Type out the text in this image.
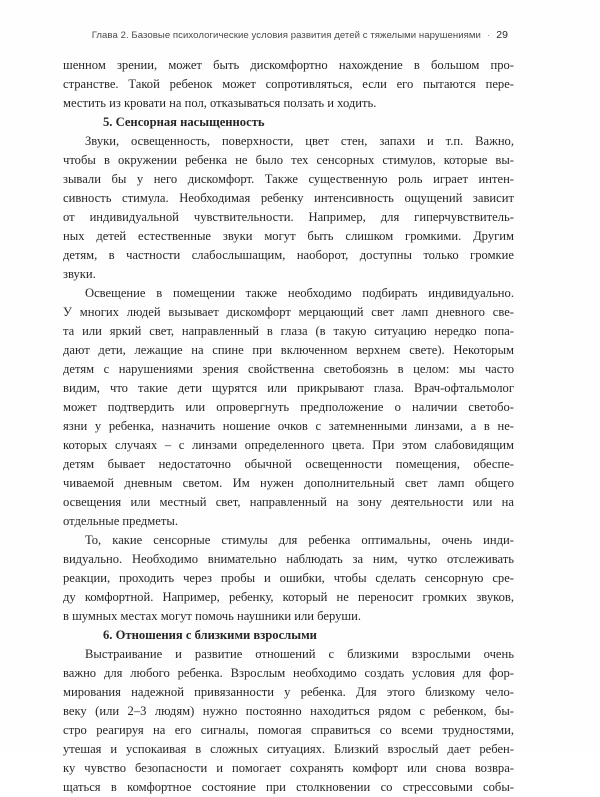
Глава 2. Базовые психологические условия развития детей с тяжелыми нарушениями · 29
шенном зрении, может быть дискомфортно нахождение в большом про-
странстве. Такой ребенок может сопротивляться, если его пытаются пере-
местить из кровати на пол, отказываться ползать и ходить.
5. Сенсорная насыщенность
Звуки, освещенность, поверхности, цвет стен, запахи и т.п. Важно,
чтобы в окружении ребенка не было тех сенсорных стимулов, которые вы-
зывали бы у него дискомфорт. Также существенную роль играет интен-
сивность стимула. Необходимая ребенку интенсивность ощущений зависит
от индивидуальной чувствительности. Например, для гиперчувствитель-
ных детей естественные звуки могут быть слишком громкими. Другим
детям, в частности слабослышащим, наоборот, доступны только громкие
звуки.
Освещение в помещении также необходимо подбирать индивидуально.
У многих людей вызывает дискомфорт мерцающий свет ламп дневного све-
та или яркий свет, направленный в глаза (в такую ситуацию нередко попа-
дают дети, лежащие на спине при включенном верхнем свете). Некоторым
детям с нарушениями зрения свойственна светобоязнь в целом: мы часто
видим, что такие дети щурятся или прикрывают глаза. Врач-офтальмолог
может подтвердить или опровергнуть предположение о наличии светобо-
язни у ребенка, назначить ношение очков с затемненными линзами, а в не-
которых случаях – с линзами определенного цвета. При этом слабовидящим
детям бывает недостаточно обычной освещенности помещения, обеспе-
чиваемой дневным светом. Им нужен дополнительный свет ламп общего
освещения или местный свет, направленный на зону деятельности или на
отдельные предметы.
То, какие сенсорные стимулы для ребенка оптимальны, очень инди-
видуально. Необходимо внимательно наблюдать за ним, чутко отслеживать
реакции, проходить через пробы и ошибки, чтобы сделать сенсорную сре-
ду комфортной. Например, ребенку, который не переносит громких звуков,
в шумных местах могут помочь наушники или беруши.
6. Отношения с близкими взрослыми
Выстраивание и развитие отношений с близкими взрослыми очень
важно для любого ребенка. Взрослым необходимо создать условия для фор-
мирования надежной привязанности у ребенка. Для этого близкому чело-
веку (или 2–3 людям) нужно постоянно находиться рядом с ребенком, бы-
стро реагируя на его сигналы, помогая справиться со всеми трудностями,
утешая и успокаивая в сложных ситуациях. Близкий взрослый дает ребен-
ку чувство безопасности и помогает сохранять комфорт или снова возвра-
щаться в комфортное состояние при столкновении со стрессовыми собы-
